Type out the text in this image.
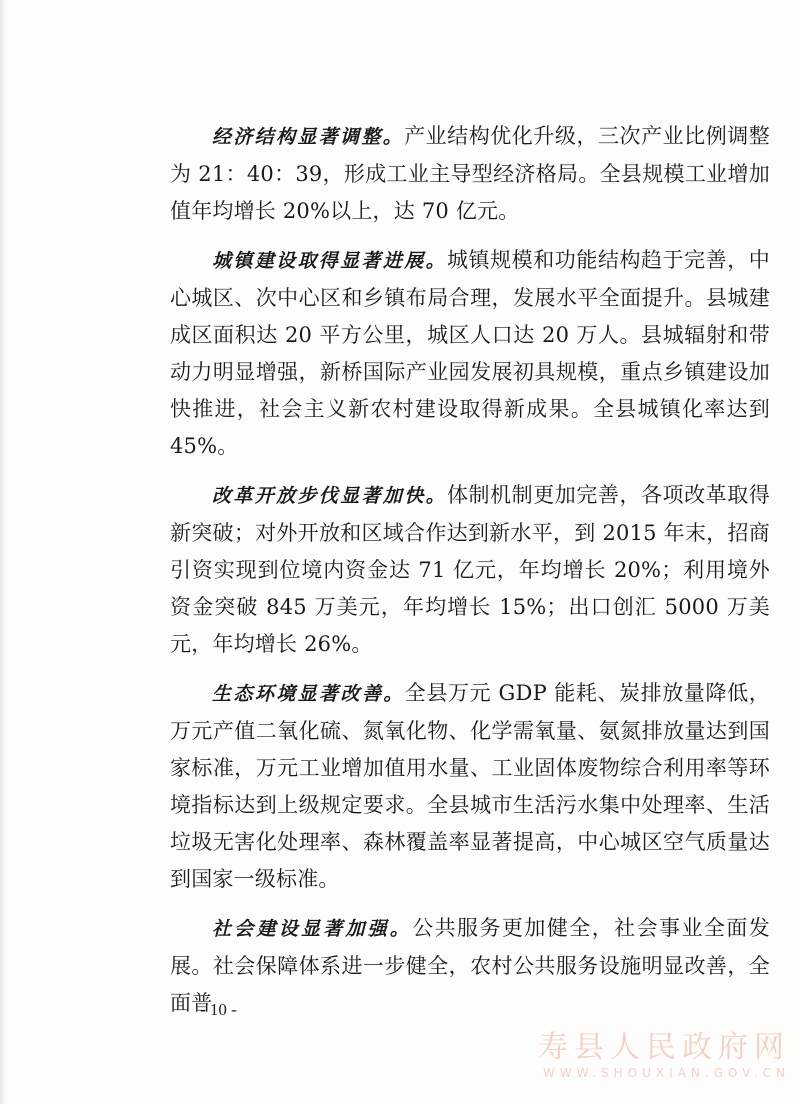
经济结构显著调整。产业结构优化升级，三次产业比例调整为 21：40：39，形成工业主导型经济格局。全县规模工业增加值年均增长 20%以上，达 70 亿元。

城镇建设取得显著进展。城镇规模和功能结构趋于完善，中心城区、次中心区和乡镇布局合理，发展水平全面提升。县城建成区面积达 20 平方公里，城区人口达 20 万人。县城辐射和带动力明显增强，新桥国际产业园发展初具规模，重点乡镇建设加快推进，社会主义新农村建设取得新成果。全县城镇化率达到 45%。

改革开放步伐显著加快。体制机制更加完善，各项改革取得新突破；对外开放和区域合作达到新水平，到 2015 年末，招商引资实现到位境内资金达 71 亿元，年均增长 20%；利用境外资金突破 845 万美元，年均增长 15%；出口创汇 5000 万美元，年均增长 26%。

生态环境显著改善。全县万元 GDP 能耗、炭排放量降低，万元产值二氧化硫、氮氧化物、化学需氧量、氨氮排放量达到国家标准，万元工业增加值用水量、工业固体废物综合利用率等环境指标达到上级规定要求。全县城市生活污水集中处理率、生活垃圾无害化处理率、森林覆盖率显著提高，中心城区空气质量达到国家一级标准。

社会建设显著加强。公共服务更加健全，社会事业全面发展。社会保障体系进一步健全，农村公共服务设施明显改善，全面普

- 10 -
寿县人民政府网
WWW.SHOUXIAN.GOV.CN
